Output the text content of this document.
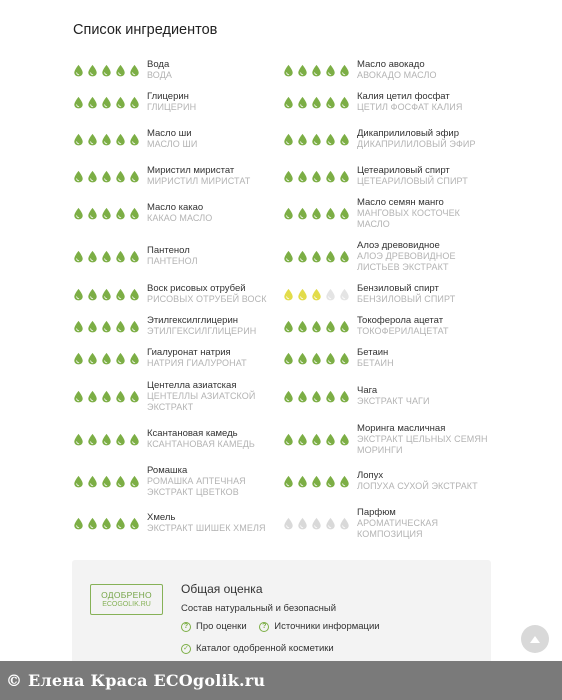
Список ингредиентов
Вода
ВОДА
Масло авокадо
АВОКАДО МАСЛО
Глицерин
ГЛИЦЕРИН
Калия цетил фосфат
ЦЕТИЛ ФОСФАТ КАЛИЯ
Масло ши
МАСЛО ШИ
Дикаприлиловый эфир
ДИКАПРИЛИЛОВЫЙ ЭФИР
Миристил миристат
МИРИСТИЛ МИРИСТАТ
Цетеариловый спирт
ЦЕТЕАРИЛОВЫЙ СПИРТ
Масло какао
КАКАО МАСЛО
Масло семян манго
МАНГОВЫХ КОСТОЧЕК МАСЛО
Пантенол
ПАНТЕНОЛ
Алоэ древовидное
АЛОЭ ДРЕВОВИДНОЕ ЛИСТЬЕВ ЭКСТРАКТ
Воск рисовых отрубей
РИСОВЫХ ОТРУБЕЙ ВОСК
Бензиловый спирт
БЕНЗИЛОВЫЙ СПИРТ
Этилгексилглицерин
ЭТИЛГЕКСИЛГЛИЦЕРИН
Токоферола ацетат
ТОКОФЕРИЛАЦЕТАТ
Гиалуронат натрия
НАТРИЯ ГИАЛУРОНАТ
Бетаин
БЕТАИН
Центелла азиатская
ЦЕНТЕЛЛЫ АЗИАТСКОЙ ЭКСТРАКТ
Чага
ЭКСТРАКТ ЧАГИ
Ксантановая камедь
КСАНТАНОВАЯ КАМЕДЬ
Моринга масличная
ЭКСТРАКТ ЦЕЛЬНЫХ СЕМЯН МОРИНГИ
Ромашка
РОМАШКА АПТЕЧНАЯ ЭКСТРАКТ ЦВЕТКОВ
Лопух
ЛОПУХА СУХОЙ ЭКСТРАКТ
Хмель
ЭКСТРАКТ ШИШЕК ХМЕЛЯ
Парфюм
АРОМАТИЧЕСКАЯ КОМПОЗИЦИЯ
ОДОБРЕНО
ECOGOLIK.RU
Общая оценка
Состав натуральный и безопасный
? Про оценки
	? Источники информации
✓ Каталог одобренной косметики
© Елена Краса ECOgolik.ru
